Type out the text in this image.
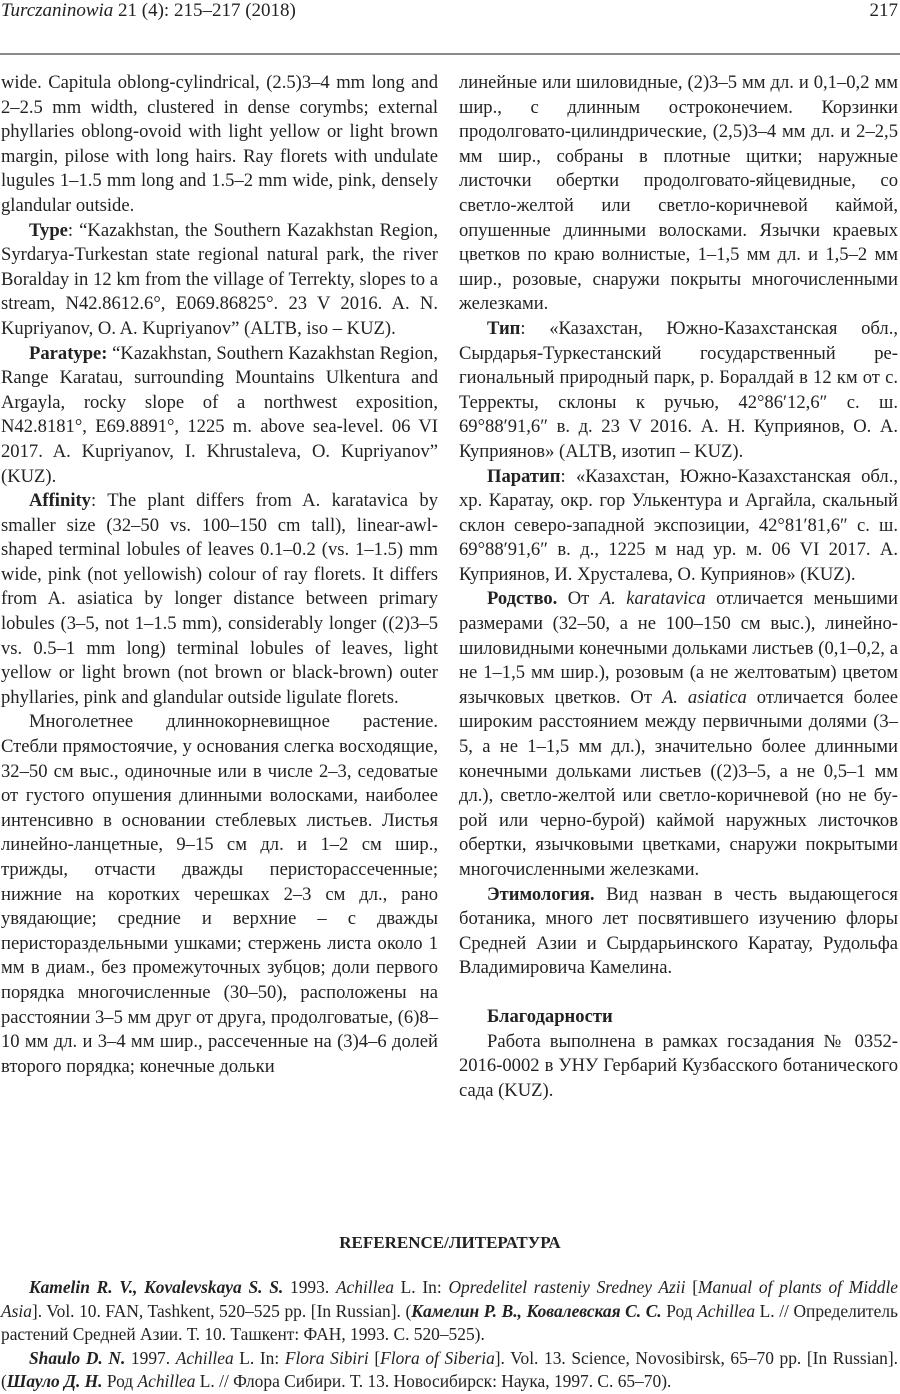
Turczaninowia 21 (4): 215–217 (2018)	217

wide. Capitula oblong-cylindrical, (2.5)3–4 mm long and 2–2.5 mm width, clustered in dense corymbs; external phyllaries oblong-ovoid with light yellow or light brown margin, pilose with long hairs. Ray florets with undulate lugules 1–1.5 mm long and 1.5–2 mm wide, pink, densely glandular outside.

Type: “Kazakhstan, the Southern Kazakhstan Region, Syrdarya-Turkestan state regional natural park, the river Boralday in 12 km from the village of Terrekty, slopes to a stream, N42.8612.6°, E069.86825°. 23 V 2016. A. N. Kupriyanov, O. A. Kupriyanov” (ALTB, iso – KUZ).

Paratype: “Kazakhstan, Southern Kazakhstan Region, Range Karatau, surrounding Mountains Ulkentura and Argayla, rocky slope of a northwest exposition, N42.8181°, E69.8891°, 1225 m. above sea-level. 06 VI 2017. A. Kupriyanov, I. Khrustaleva, O. Kupriyanov” (KUZ).

Affinity: The plant differs from A. karatavica by smaller size (32–50 vs. 100–150 cm tall), linear-awl-shaped terminal lobules of leaves 0.1–0.2 (vs. 1–1.5) mm wide, pink (not yellowish) colour of ray florets. It differs from A. asiatica by longer distance between primary lobules (3–5, not 1–1.5 mm), considerably longer ((2)3–5 vs. 0.5–1 mm long) terminal lobules of leaves, light yellow or light brown (not brown or black-brown) outer phyllaries, pink and glandular outside ligulate florets.

Многолетнее длиннокорневищное растение. Стебли прямостоячие, у основания слегка восходящие, 32–50 см выс., одиночные или в числе 2–3, седоватые от густого опушения длинными волосками, наиболее интенсивно в основании стеблевых листьев. Листья линейно-ланцетные, 9–15 см дл. и 1–2 см шир., трижды, отчасти дважды перисторассеченные; нижние на коротких черешках 2–3 см дл., рано увядающие; средние и верхние – с дважды перистораздельными ушками; стержень листа около 1 мм в диам., без промежуточных зубцов; доли первого порядка многочисленные (30–50), расположены на расстоянии 3–5 мм друг от друга, продолговатые, (6)8–10 мм дл. и 3–4 мм шир., рассеченные на (3)4–6 долей второго порядка; конечные дольки

линейные или шиловидные, (2)3–5 мм дл. и 0,1–0,2 мм шир., с длинным остроконечием. Корзинки продолговато-цилиндрические, (2,5)3–4 мм дл. и 2–2,5 мм шир., собраны в плотные щитки; наружные листочки обертки продолговато-яйцевидные, со светло-желтой или светло-коричневой каймой, опушенные длинными волосками. Язычки краевых цветков по краю волнистые, 1–1,5 мм дл. и 1,5–2 мм шир., розовые, снаружи покрыты многочисленными железками.

Тип: «Казахстан, Южно-Казахстанская обл., Сырдарья-Туркестанский государственный региональный природный парк, р. Боралдай в 12 км от с. Терректы, склоны к ручью, 42°86′12,6″ с. ш. 69°88′91,6″ в. д. 23 V 2016. А. Н. Куприянов, О. А. Куприянов» (ALTB, изотип – KUZ).

Паратип: «Казахстан, Южно-Казахстанская обл., хр. Каратау, окр. гор Улькентура и Аргайла, скальный склон северо-западной экспозиции, 42°81′81,6″ с. ш. 69°88′91,6″ в. д., 1225 м над ур. м. 06 VI 2017. А. Куприянов, И. Хрусталева, О. Куприянов» (KUZ).

Родство. От A. karatavica отличается меньшими размерами (32–50, а не 100–150 см выс.), линейно-шиловидными конечными дольками листьев (0,1–0,2, а не 1–1,5 мм шир.), розовым (а не желтоватым) цветом язычковых цветков. От A. asiatica отличается более широким расстоянием между первичными долями (3–5, а не 1–1,5 мм дл.), значительно более длинными конечными дольками листьев ((2)3–5, а не 0,5–1 мм дл.), светло-желтой или светло-коричневой (но не бурой или черно-бурой) каймой наружных листочков обертки, язычковыми цветками, снаружи покрытыми многочисленными железками.

Этимология. Вид назван в честь выдающегося ботаника, много лет посвятившего изучению флоры Средней Азии и Сырдарьинского Каратау, Рудольфа Владимировича Камелина.

Благодарности

Работа выполнена в рамках госзадания № 0352-2016-0002 в УНУ Гербарий Кузбасского ботанического сада (KUZ).

REFERENCE/ЛИТЕРАТУРА

Kamelin R. V., Kovalevskaya S. S. 1993. Achillea L. In: Opredelitel rasteniy Sredney Azii [Manual of plants of Middle Asia]. Vol. 10. FAN, Tashkent, 520–525 pp. [In Russian]. (Камелин Р. В., Ковалевская С. С. Род Achillea L. // Определитель растений Средней Азии. Т. 10. Ташкент: ФАН, 1993. С. 520–525).

Shaulo D. N. 1997. Achillea L. In: Flora Sibiri [Flora of Siberia]. Vol. 13. Science, Novosibirsk, 65–70 pp. [In Russian]. (Шауло Д. Н. Род Achillea L. // Флора Сибири. Т. 13. Новосибирск: Наука, 1997. С. 65–70).
